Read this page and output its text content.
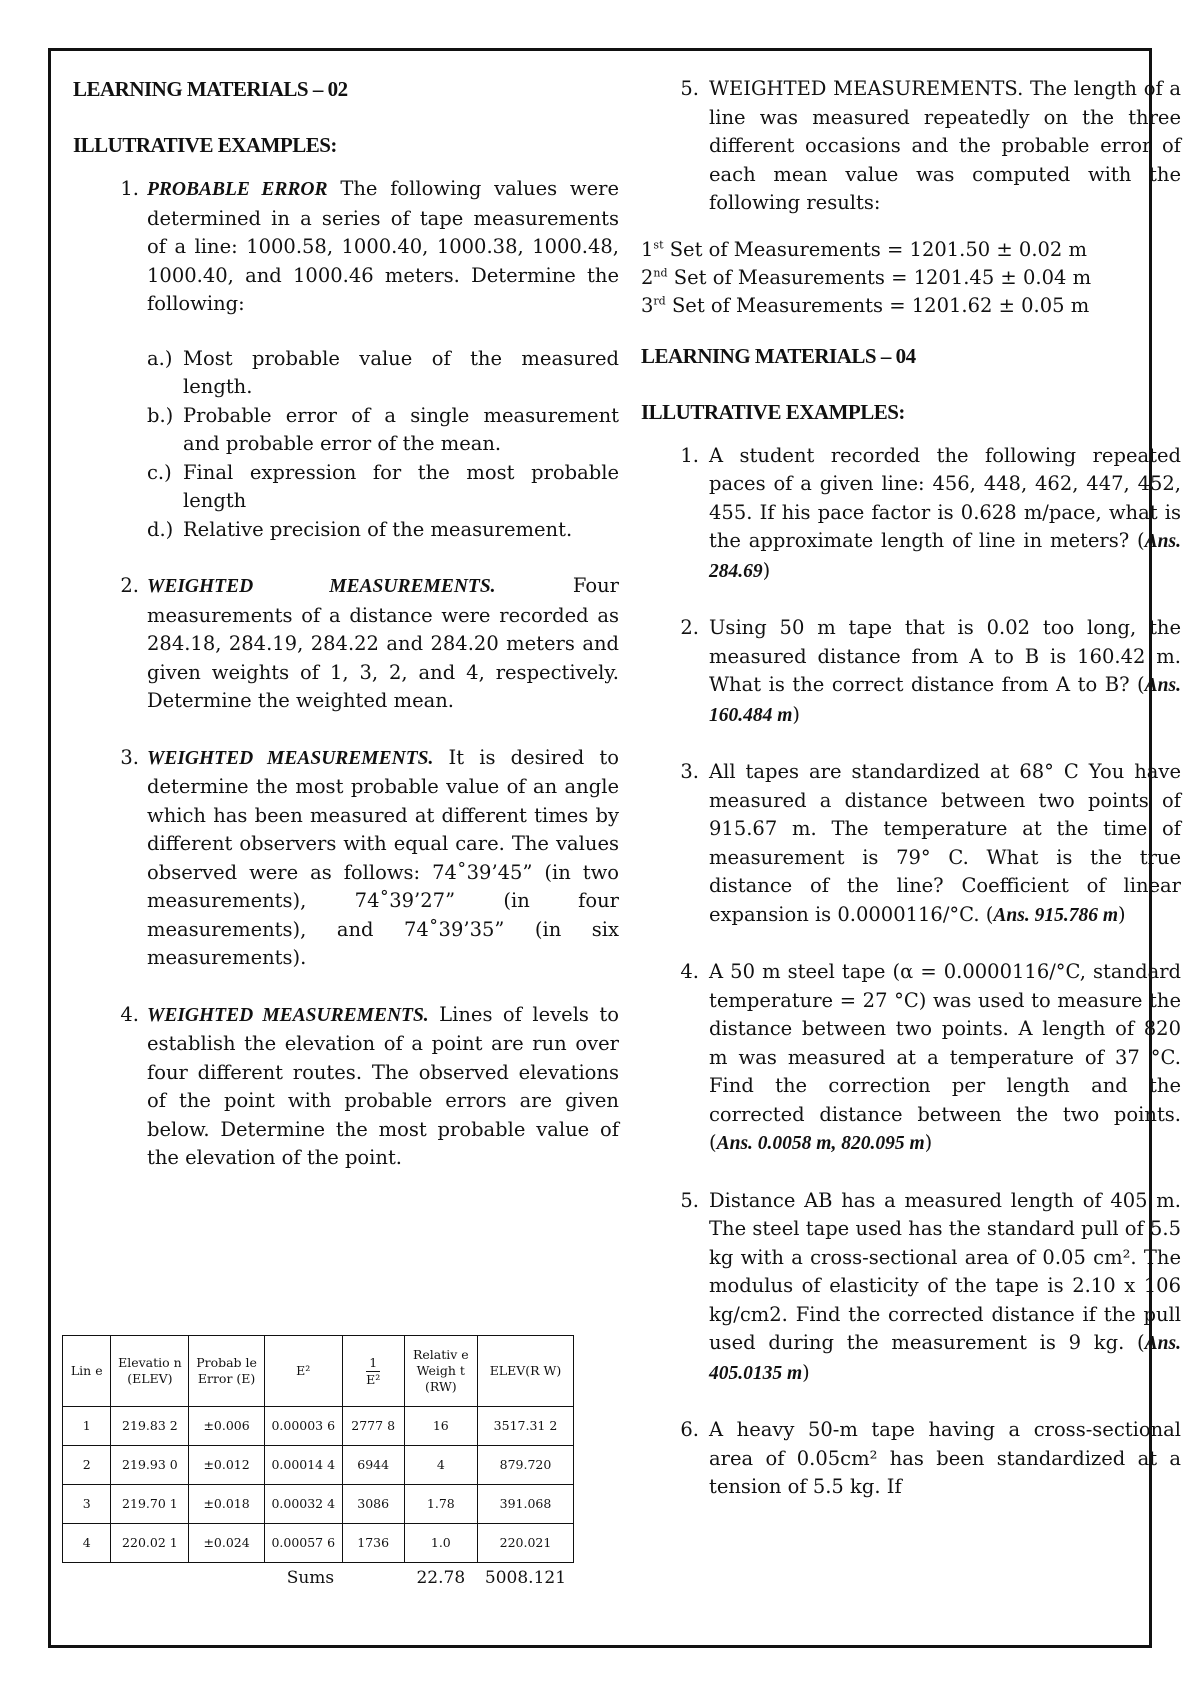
LEARNING MATERIALS – 02
ILLUTRATIVE EXAMPLES:
1. PROBABLE ERROR The following values were determined in a series of tape measurements of a line: 1000.58, 1000.40, 1000.38, 1000.48, 1000.40, and 1000.46 meters. Determine the following:
a.) Most probable value of the measured length.
b.) Probable error of a single measurement and probable error of the mean.
c.) Final expression for the most probable length
d.) Relative precision of the measurement.
2. WEIGHTED MEASUREMENTS.	Four measurements of a distance were recorded as 284.18, 284.19, 284.22 and 284.20 meters and given weights of 1, 3, 2, and 4, respectively. Determine the weighted mean.
3. WEIGHTED MEASUREMENTS. It is desired to determine the most probable value of an angle which has been measured at different times by different observers with equal care. The values observed were as follows: 74˚39’45” (in two measurements), 74˚39’27” (in four measurements), and 74˚39’35” (in six measurements).
4. WEIGHTED MEASUREMENTS. Lines of levels to establish the elevation of a point are run over four different routes. The observed elevations of the point with probable errors are given below. Determine the most probable value of the elevation of the point.
Lin e	Elevatio n (ELEV)	Probab le Error (E)	E²	$\frac{1}{\text{E²}}$	Relativ e Weigh t (RW)	ELEV(R W)
1	219.83 2	±0.006	0.00003 6	2777 8	16	3517.31 2
2	219.93 0	±0.012	0.00014 4	6944	4	879.720
3	219.70 1	±0.018	0.00032 4	3086	1.78	391.068
4	220.02 1	±0.024	0.00057 6	1736	1.0	220.021
Sums					22.78	5008.121
5. WEIGHTED MEASUREMENTS. The length of a line was measured repeatedly on the three different occasions and the probable error of each mean value was computed with the following results:
1st Set of Measurements = 1201.50 ± 0.02 m
2nd Set of Measurements = 1201.45 ± 0.04 m
3rd Set of Measurements = 1201.62 ± 0.05 m
LEARNING MATERIALS – 04
ILLUTRATIVE EXAMPLES:
1. A student recorded the following repeated paces of a given line: 456, 448, 462, 447, 452, 455. If his pace factor is 0.628 m/pace, what is the approximate length of line in meters? (Ans. 284.69)
2. Using 50 m tape that is 0.02 too long, the measured distance from A to B is 160.42 m. What is the correct distance from A to B? (Ans. 160.484 m)
3. All tapes are standardized at 68° C You have measured a distance between two points of 915.67 m. The temperature at the time of measurement is 79° C. What is the true distance of the line? Coefficient of linear expansion is 0.0000116/°C. (Ans. 915.786 m)
4. A 50 m steel tape (α = 0.0000116/°C, standard temperature = 27 °C) was used to measure the distance between two points. A length of 820 m was measured at a temperature of 37 °C. Find the correction per length and the corrected distance between the two points. (Ans. 0.0058 m, 820.095 m)
5. Distance AB has a measured length of 405 m. The steel tape used has the standard pull of 5.5 kg with a cross-sectional area of 0.05 cm². The modulus of elasticity of the tape is 2.10 x 106 kg/cm2. Find the corrected distance if the pull used during the measurement is 9 kg. (Ans. 405.0135 m)
6. A heavy 50-m tape having a cross-sectional area of 0.05cm² has been standardized at a tension of 5.5 kg. If
